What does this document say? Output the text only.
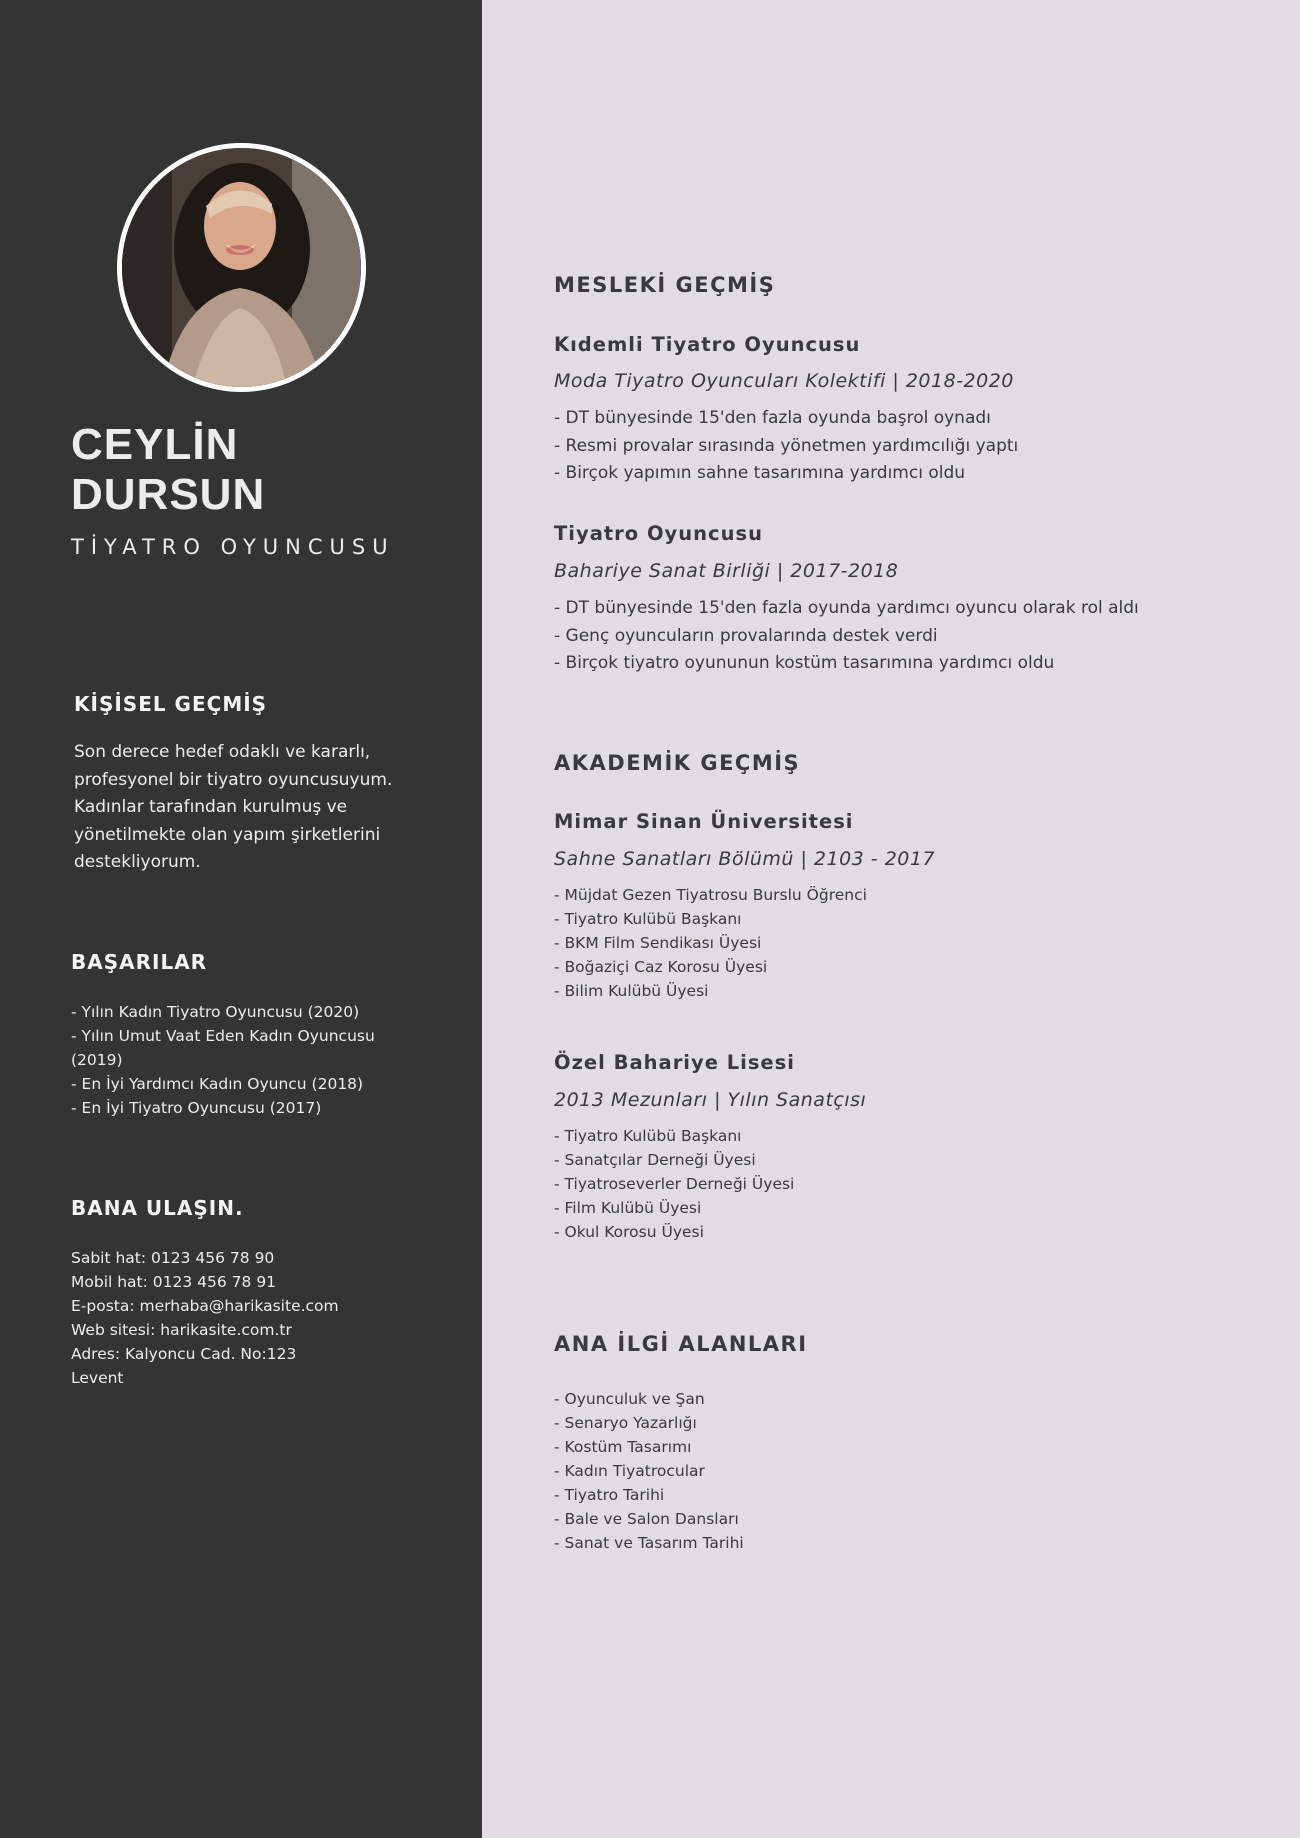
CEYLİN
DURSUN
TİYATRO OYUNCUSU
KİŞİSEL GEÇMİŞ
Son derece hedef odaklı ve kararlı, profesyonel bir tiyatro oyuncusuyum. Kadınlar tarafından kurulmuş ve yönetilmekte olan yapım şirketlerini destekliyorum.
BAŞARILAR
- Yılın Kadın Tiyatro Oyuncusu (2020)
- Yılın Umut Vaat Eden Kadın Oyuncusu
(2019)
- En İyi Yardımcı Kadın Oyuncu (2018)
- En İyi Tiyatro Oyuncusu (2017)
BANA ULAŞIN.
Sabit hat: 0123 456 78 90
Mobil hat: 0123 456 78 91
E-posta: merhaba@harikasite.com
Web sitesi: harikasite.com.tr
Adres: Kalyoncu Cad. No:123
Levent
MESLEKİ GEÇMİŞ
Kıdemli Tiyatro Oyuncusu
Moda Tiyatro Oyuncuları Kolektifi | 2018-2020
- DT bünyesinde 15'den fazla oyunda başrol oynadı
- Resmi provalar sırasında yönetmen yardımcılığı yaptı
- Birçok yapımın sahne tasarımına yardımcı oldu
Tiyatro Oyuncusu
Bahariye Sanat Birliği | 2017-2018
- DT bünyesinde 15'den fazla oyunda yardımcı oyuncu olarak rol aldı
- Genç oyuncuların provalarında destek verdi
- Birçok tiyatro oyununun kostüm tasarımına yardımcı oldu
AKADEMİK GEÇMİŞ
Mimar Sinan Üniversitesi
Sahne Sanatları Bölümü | 2103 - 2017
- Müjdat Gezen Tiyatrosu Burslu Öğrenci
- Tiyatro Kulübü Başkanı
- BKM Film Sendikası Üyesi
- Boğaziçi Caz Korosu Üyesi
- Bilim Kulübü Üyesi
Özel Bahariye Lisesi
2013 Mezunları | Yılın Sanatçısı
- Tiyatro Kulübü Başkanı
- Sanatçılar Derneği Üyesi
- Tiyatroseverler Derneği Üyesi
- Film Kulübü Üyesi
- Okul Korosu Üyesi
ANA İLGİ ALANLARI
- Oyunculuk ve Şan
- Senaryo Yazarlığı
- Kostüm Tasarımı
- Kadın Tiyatrocular
- Tiyatro Tarihi
- Bale ve Salon Dansları
- Sanat ve Tasarım Tarihi
